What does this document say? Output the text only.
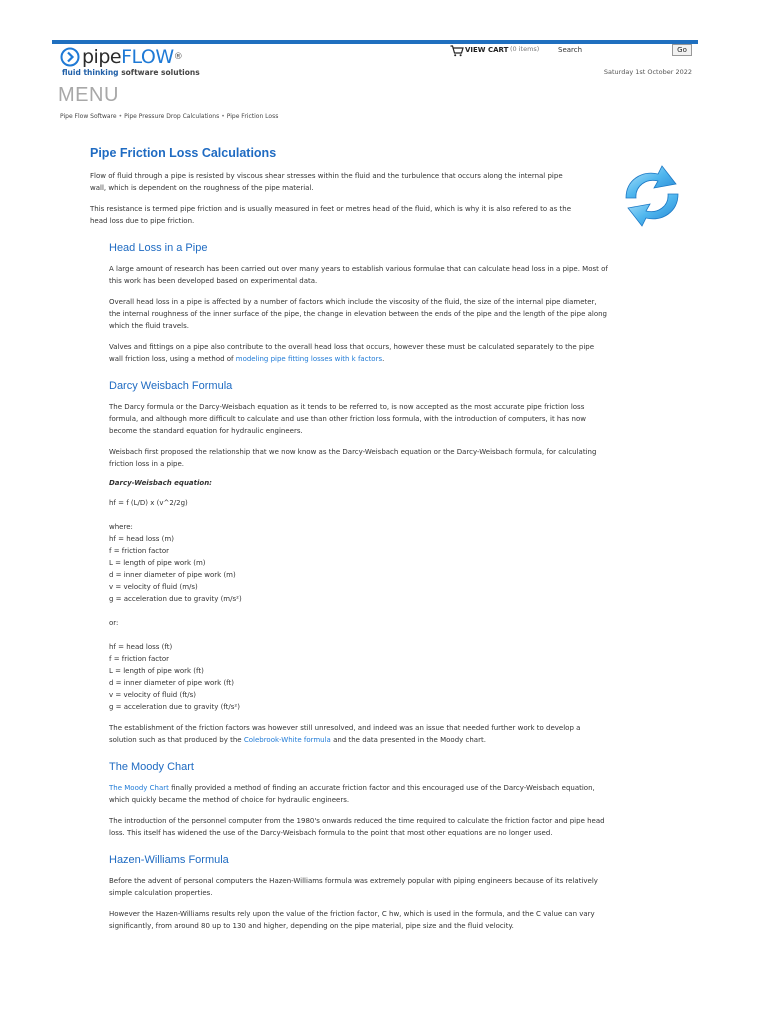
pipeFLOW®
fluid thinking software solutions
VIEW CART (0 items)	Search	Go
Saturday 1st October 2022
MENU
Pipe Flow Software • Pipe Pressure Drop Calculations • Pipe Friction Loss
Pipe Friction Loss Calculations

Flow of fluid through a pipe is resisted by viscous shear stresses within the fluid and the turbulence that occurs along the internal pipe wall, which is dependent on the roughness of the pipe material.

This resistance is termed pipe friction and is usually measured in feet or metres head of the fluid, which is why it is also refered to as the head loss due to pipe friction.

Head Loss in a Pipe

A large amount of research has been carried out over many years to establish various formulae that can calculate head loss in a pipe. Most of this work has been developed based on experimental data.

Overall head loss in a pipe is affected by a number of factors which include the viscosity of the fluid, the size of the internal pipe diameter, the internal roughness of the inner surface of the pipe, the change in elevation between the ends of the pipe and the length of the pipe along which the fluid travels.

Valves and fittings on a pipe also contribute to the overall head loss that occurs, however these must be calculated separately to the pipe wall friction loss, using a method of modeling pipe fitting losses with k factors.

Darcy Weisbach Formula

The Darcy formula or the Darcy-Weisbach equation as it tends to be referred to, is now accepted as the most accurate pipe friction loss formula, and although more difficult to calculate and use than other friction loss formula, with the introduction of computers, it has now become the standard equation for hydraulic engineers.

Weisbach first proposed the relationship that we now know as the Darcy-Weisbach equation or the Darcy-Weisbach formula, for calculating friction loss in a pipe.

Darcy-Weisbach equation:
hf = f (L/D) x (v^2/2g)
where:
hf = head loss (m)
f = friction factor
L = length of pipe work (m)
d = inner diameter of pipe work (m)
v = velocity of fluid (m/s)
g = acceleration due to gravity (m/s²)
or:
hf = head loss (ft)
f = friction factor
L = length of pipe work (ft)
d = inner diameter of pipe work (ft)
v = velocity of fluid (ft/s)
g = acceleration due to gravity (ft/s²)

The establishment of the friction factors was however still unresolved, and indeed was an issue that needed further work to develop a solution such as that produced by the Colebrook-White formula and the data presented in the Moody chart.

The Moody Chart

The Moody Chart finally provided a method of finding an accurate friction factor and this encouraged use of the Darcy-Weisbach equation, which quickly became the method of choice for hydraulic engineers.

The introduction of the personnel computer from the 1980's onwards reduced the time required to calculate the friction factor and pipe head loss. This itself has widened the use of the Darcy-Weisbach formula to the point that most other equations are no longer used.

Hazen-Williams Formula

Before the advent of personal computers the Hazen-Williams formula was extremely popular with piping engineers because of its relatively simple calculation properties.

However the Hazen-Williams results rely upon the value of the friction factor, C hw, which is used in the formula, and the C value can vary significantly, from around 80 up to 130 and higher, depending on the pipe material, pipe size and the fluid velocity.
